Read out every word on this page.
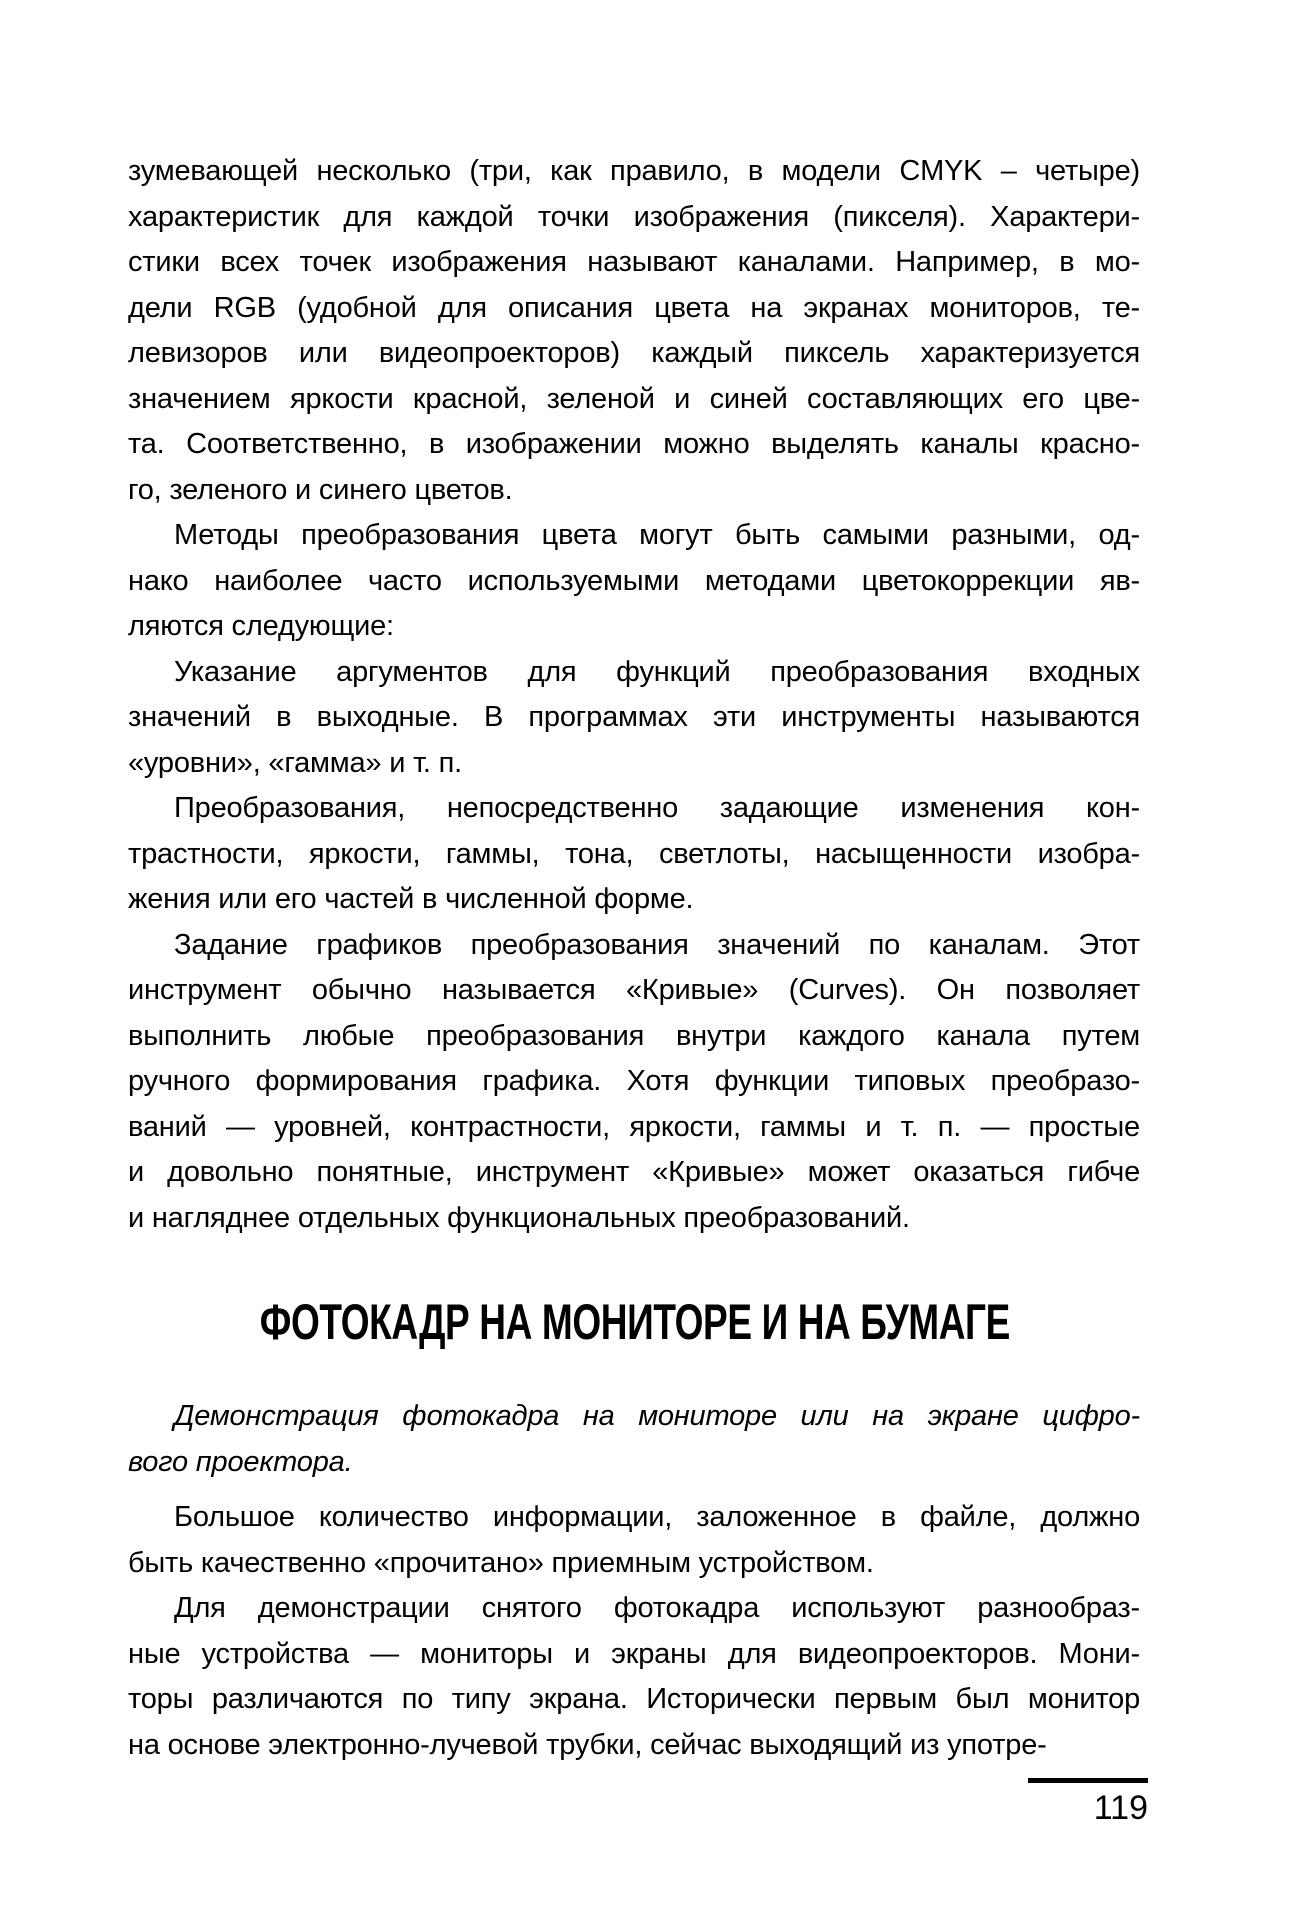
зумевающей несколько (три, как правило, в модели CMYK – четыре)
характеристик для каждой точки изображения (пикселя). Характери-
стики всех точек изображения называют каналами. Например, в мо-
дели RGB (удобной для описания цвета на экранах мониторов, те-
левизоров или видеопроекторов) каждый пиксель характеризуется
значением яркости красной, зеленой и синей составляющих его цве-
та. Соответственно, в изображении можно выделять каналы красно-
го, зеленого и синего цветов.
Методы преобразования цвета могут быть самыми разными, од-
нако наиболее часто используемыми методами цветокоррекции яв-
ляются следующие:
Указание аргументов для функций преобразования входных
значений в выходные. В программах эти инструменты называются
«уровни», «гамма» и т. п.
Преобразования, непосредственно задающие изменения кон-
трастности, яркости, гаммы, тона, светлоты, насыщенности изобра-
жения или его частей в численной форме.
Задание графиков преобразования значений по каналам. Этот
инструмент обычно называется «Кривые» (Curves). Он позволяет
выполнить любые преобразования внутри каждого канала путем
ручного формирования графика. Хотя функции типовых преобразо-
ваний — уровней, контрастности, яркости, гаммы и т. п. — простые
и довольно понятные, инструмент «Кривые» может оказаться гибче
и нагляднее отдельных функциональных преобразований.
ФОТОКАДР НА МОНИТОРЕ И НА БУМАГЕ
Демонстрация фотокадра на мониторе или на экране цифро-
вого проектора.
Большое количество информации, заложенное в файле, должно
быть качественно «прочитано» приемным устройством.
Для демонстрации снятого фотокадра используют разнообраз-
ные устройства — мониторы и экраны для видеопроекторов. Мони-
торы различаются по типу экрана. Исторически первым был монитор
на основе электронно-лучевой трубки, сейчас выходящий из употре-
119
